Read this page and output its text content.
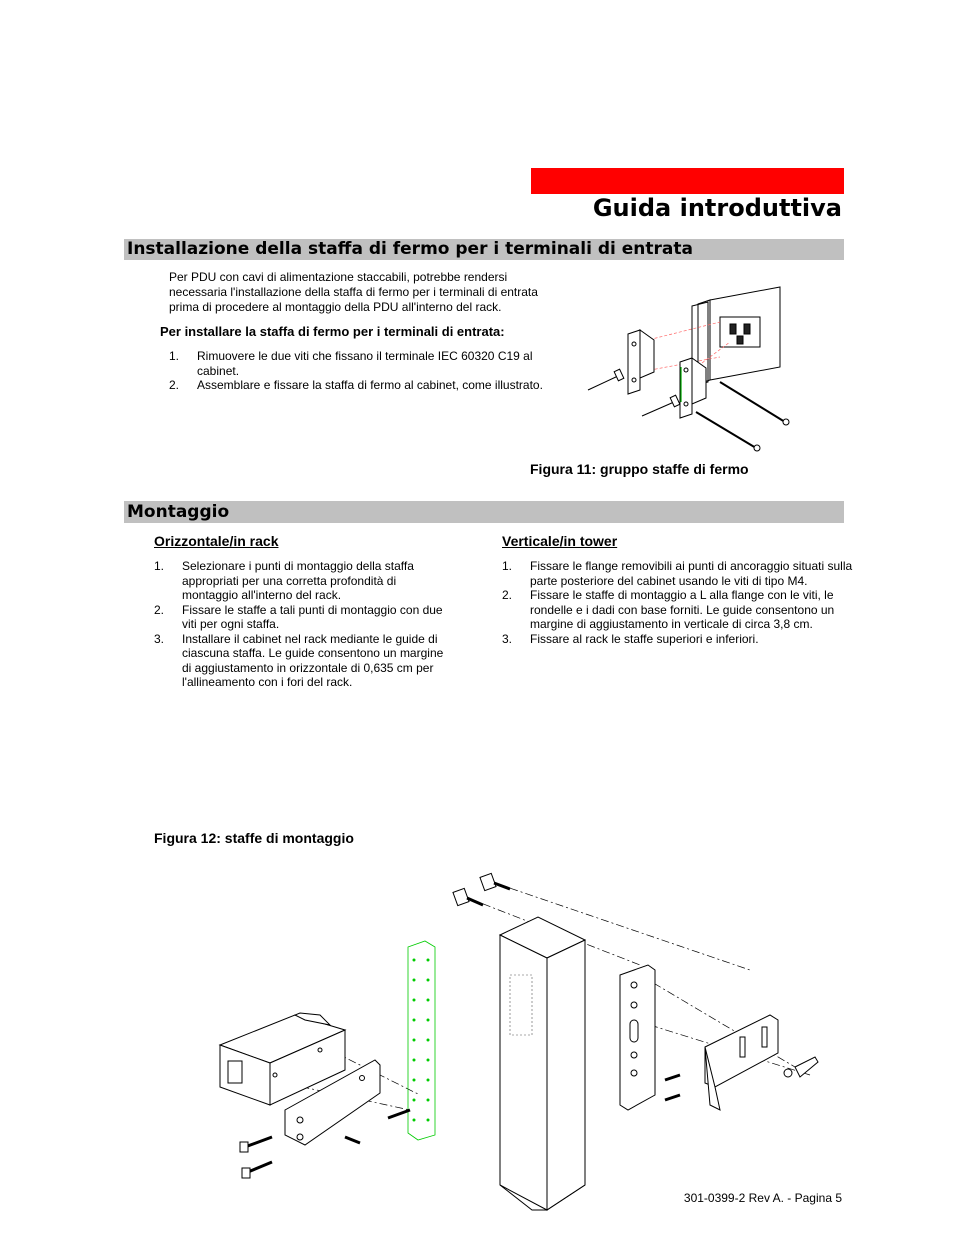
Guida introduttiva
Installazione della staffa di fermo per i terminali di entrata
Per PDU con cavi di alimentazione staccabili, potrebbe rendersi necessaria l'installazione della staffa di fermo per i terminali di entrata prima di procedere al montaggio della PDU all'interno del rack.
Per installare la staffa di fermo per i terminali di entrata:
1. Rimuovere le due viti che fissano il terminale IEC 60320 C19 al cabinet.
2. Assemblare e fissare la staffa di fermo al cabinet, come illustrato.
Figura 11: gruppo staffe di fermo
Montaggio
Orizzontale/in rack	Verticale/in tower
1. Selezionare i punti di montaggio della staffa appropriati per una corretta profondità di montaggio all'interno del rack.
2. Fissare le staffe a tali punti di montaggio con due viti per ogni staffa.
3. Installare il cabinet nel rack mediante le guide di ciascuna staffa. Le guide consentono un margine di aggiustamento in orizzontale di 0,635 cm per l'allineamento con i fori del rack.
1. Fissare le flange removibili ai punti di ancoraggio situati sulla parte posteriore del cabinet usando le viti di tipo M4.
2. Fissare le staffe di montaggio a L alla flange con le viti, le rondelle e i dadi con base forniti. Le guide consentono un margine di aggiustamento in verticale di circa 3,8 cm.
3. Fissare al rack le staffe superiori e inferiori.
Figura 12: staffe di montaggio
301-0399-2 Rev A. - Pagina 5
